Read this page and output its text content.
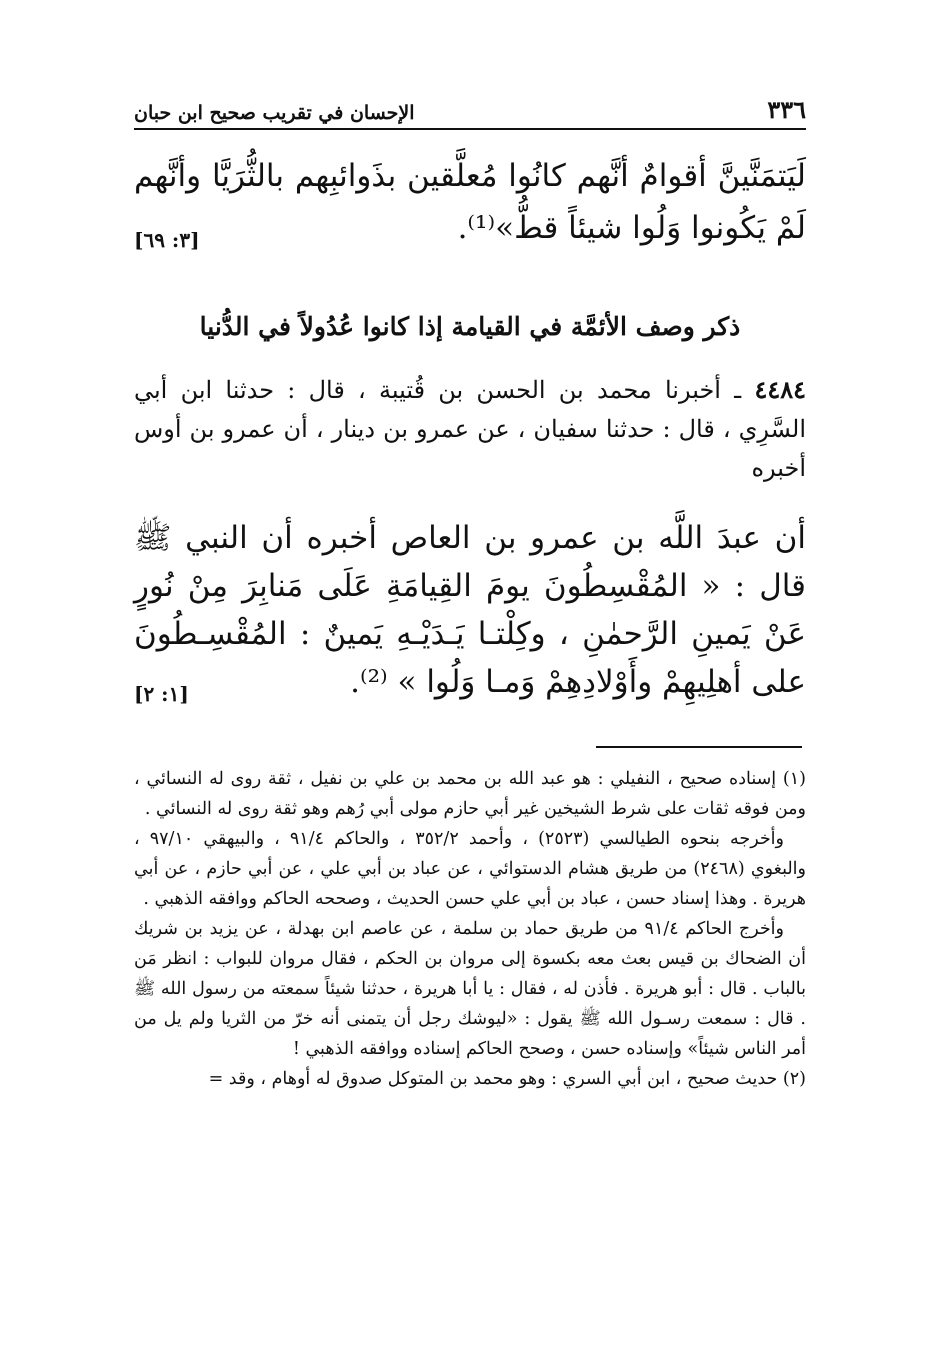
٣٣٦
الإحسان في تقريب صحيح ابن حبان
لَيَتمَنَّينَّ أقوامٌ أنَّهم كانُوا مُعلَّقين بذَوائبِهم بالثُّرَيَّا وأنَّهم لَمْ يَكُونوا وَلُوا شيئاً قطُّ»⁽¹⁾.
[٣: ٦٩]
ذكر وصف الأئمَّة في القيامة إذا كانوا عُدُولاً في الدُّنيا
٤٤٨٤ ـ أخبرنا محمد بن الحسن بن قُتيبة ، قال : حدثنا ابن أبي السَّرِي ، قال : حدثنا سفيان ، عن عمرو بن دينار ، أن عمرو بن أوس أخبره
أن عبدَ اللَّه بن عمرو بن العاص أخبره أن النبي ﷺ قال : « المُقْسِطُونَ يومَ القِيامَةِ عَلَى مَنابِرَ مِنْ نُورٍ عَنْ يَمينِ الرَّحمٰنِ ، وكِلْتـا يَـدَيْـهِ يَمينٌ : المُقْسِـطُونَ على أهلِيهِمْ وأَوْلادِهِمْ وَمـا وَلُوا » ⁽²⁾.
[١: ٢]

(١) إسناده صحيح ، النفيلي : هو عبد الله بن محمد بن علي بن نفيل ، ثقة روى له النسائي ، ومن فوقه ثقات على شرط الشيخين غير أبي حازم مولى أبي رُهم وهو ثقة روى له النسائي .

وأخرجه بنحوه الطيالسي (٢٥٢٣) ، وأحمد ٣٥٢/٢ ، والحاكم ٩١/٤ ، والبيهقي ٩٧/١٠ ، والبغوي (٢٤٦٨) من طريق هشام الدستوائي ، عن عباد بن أبي علي ، عن أبي حازم ، عن أبي هريرة . وهذا إسناد حسن ، عباد بن أبي علي حسن الحديث ، وصححه الحاكم ووافقه الذهبي .

وأخرج الحاكم ٩١/٤ من طريق حماد بن سلمة ، عن عاصم ابن بهدلة ، عن يزيد بن شريك أن الضحاك بن قيس بعث معه بكسوة إلى مروان بن الحكم ، فقال مروان للبواب : انظر مَن بالباب . قال : أبو هريرة . فأذن له ، فقال : يا أبا هريرة ، حدثنا شيئاً سمعته من رسول الله ﷺ . قال : سمعت رسـول الله ﷺ يقول : «ليوشك رجل أن يتمنى أنه خرّ من الثريا ولم يل من أمر الناس شيئاً» وإسناده حسن ، وصحح الحاكم إسناده ووافقه الذهبي !

(٢) حديث صحيح ، ابن أبي السري : وهو محمد بن المتوكل صدوق له أوهام ، وقد =
